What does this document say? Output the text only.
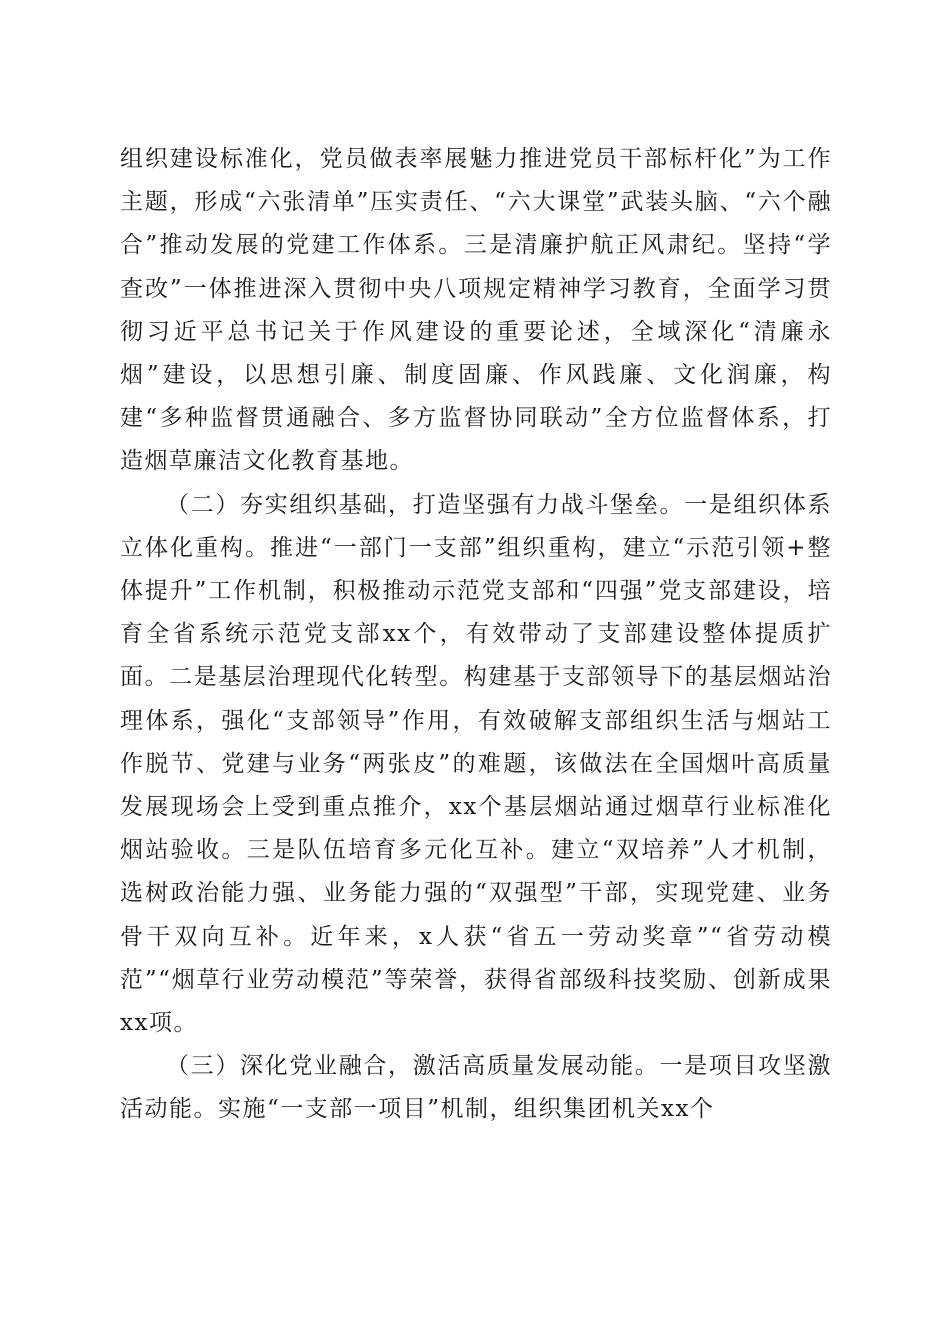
组织建设标准化，党员做表率展魅力推进党员干部标杆化”为工作主题，形成“六张清单”压实责任、“六大课堂”武装头脑、“六个融合”推动发展的党建工作体系。三是清廉护航正风肃纪。坚持“学查改”一体推进深入贯彻中央八项规定精神学习教育，全面学习贯彻习近平总书记关于作风建设的重要论述，全域深化“清廉永烟”建设，以思想引廉、制度固廉、作风践廉、文化润廉，构建“多种监督贯通融合、多方监督协同联动”全方位监督体系，打造烟草廉洁文化教育基地。

（二）夯实组织基础，打造坚强有力战斗堡垒。一是组织体系立体化重构。推进“一部门一支部”组织重构，建立“示范引领+整体提升”工作机制，积极推动示范党支部和“四强”党支部建设，培育全省系统示范党支部xx个，有效带动了支部建设整体提质扩面。二是基层治理现代化转型。构建基于支部领导下的基层烟站治理体系，强化“支部领导”作用，有效破解支部组织生活与烟站工作脱节、党建与业务“两张皮”的难题，该做法在全国烟叶高质量发展现场会上受到重点推介，xx个基层烟站通过烟草行业标准化烟站验收。三是队伍培育多元化互补。建立“双培养”人才机制，选树政治能力强、业务能力强的“双强型”干部，实现党建、业务骨干双向互补。近年来，x人获“省五一劳动奖章”“省劳动模范”“烟草行业劳动模范”等荣誉，获得省部级科技奖励、创新成果xx项。

（三）深化党业融合，激活高质量发展动能。一是项目攻坚激活动能。实施“一支部一项目”机制，组织集团机关xx个
